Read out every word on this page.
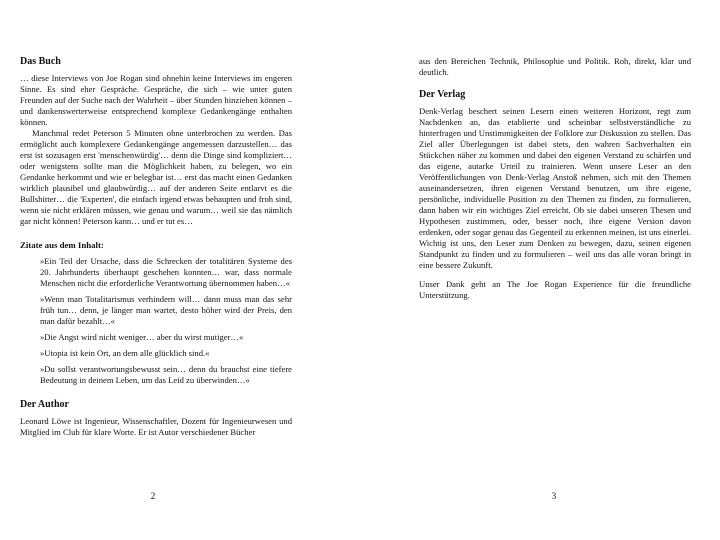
Das Buch

… diese Interviews von Joe Rogan sind ohnehin keine Interviews im engeren Sinne. Es sind eher Gespräche. Gespräche, die sich – wie unter guten Freunden auf der Suche nach der Wahrheit – über Stunden hinziehen können – und dankenswerterweise entsprechend komplexe Gedankengänge enthalten können.

Manchmal redet Peterson 5 Minuten ohne unterbrochen zu werden. Das ermöglicht auch komplexere Gedankengänge angemessen darzustellen… das erst ist sozusagen erst 'menschenwürdig'… denn die Dinge sind kompliziert… oder wenigstens sollte man die Möglichkeit haben, zu belegen, wo ein Gendanke herkommt und wie er belegbar ist… erst das macht einen Gedanken wirklich plausibel und glaubwürdig… auf der anderen Seite entlarvt es die Bullshitter… die 'Experten', die einfach irgend etwas behaupten und froh sind, wenn sie nicht erklären müssen, wie genau und warum… weil sie das nämlich gar nicht können! Peterson kann… und er tut es…

Zitate aus dem Inhalt:

»Ein Teil der Ursache, dass die Schrecken der totalitären Systeme des 20. Jahrhunderts überhaupt geschehen konnten… war, dass normale Menschen nicht die erforderliche Verantwortung übernommen haben…«

»Wenn man Totalitarismus verhindern will… dann muss man das sehr früh tun… denn, je länger man wartet, desto höher wird der Preis, den man dafür bezahlt…«

»Die Angst wird nicht weniger… aber du wirst mutiger…«

»Utopia ist kein Ort, an dem alle glücklich sind.«

»Du sollst verantwortungsbewusst sein… denn du brauchst eine tiefere Bedeutung in deinem Leben, um das Leid zu überwinden…«

Der Author

Leonard Löwe ist Ingenieur, Wissenschaftler, Dozent für Ingenieurwesen und Mitglied im Club für klare Worte. Er ist Autor verschiedener Bücher

2

aus den Bereichen Technik, Philosophie und Politik. Roh, direkt, klar und deutlich.

Der Verlag

Denk-Verlag beschert seinen Lesern einen weiteren Horizont, regt zum Nachdenken an, das etablierte und scheinbar selbstverständliche zu hinterfragen und Unstimmigkeiten der Folklore zur Diskussion zu stellen. Das Ziel aller Überlegungen ist dabei stets, den wahren Sachverhalten ein Stückchen näher zu kommen und dabei den eigenen Verstand zu schärfen und das eigene, autarke Urteil zu trainieren. Wenn unsere Leser an den Veröffentlichungen von Denk-Verlag Anstoß nehmen, sich mit den Themen auseinandersetzen, ihren eigenen Verstand benutzen, um ihre eigene, persönliche, individuelle Position zu den Themen zu finden, zu formulieren, dann haben wir ein wichtiges Ziel erreicht. Ob sie dabei unseren Thesen und Hypothesen zustimmen, oder, besser noch, ihre eigene Version davon erdenken, oder sogar genau das Gegenteil zu erkennen meinen, ist uns einerlei. Wichtig ist uns, den Leser zum Denken zu bewegen, dazu, seinen eigenen Standpunkt zu finden und zu formulieren – weil uns das alle voran bringt in eine bessere Zukunft.

Unser Dank geht an The Joe Rogan Experience für die freundliche Unterstützung.

3
